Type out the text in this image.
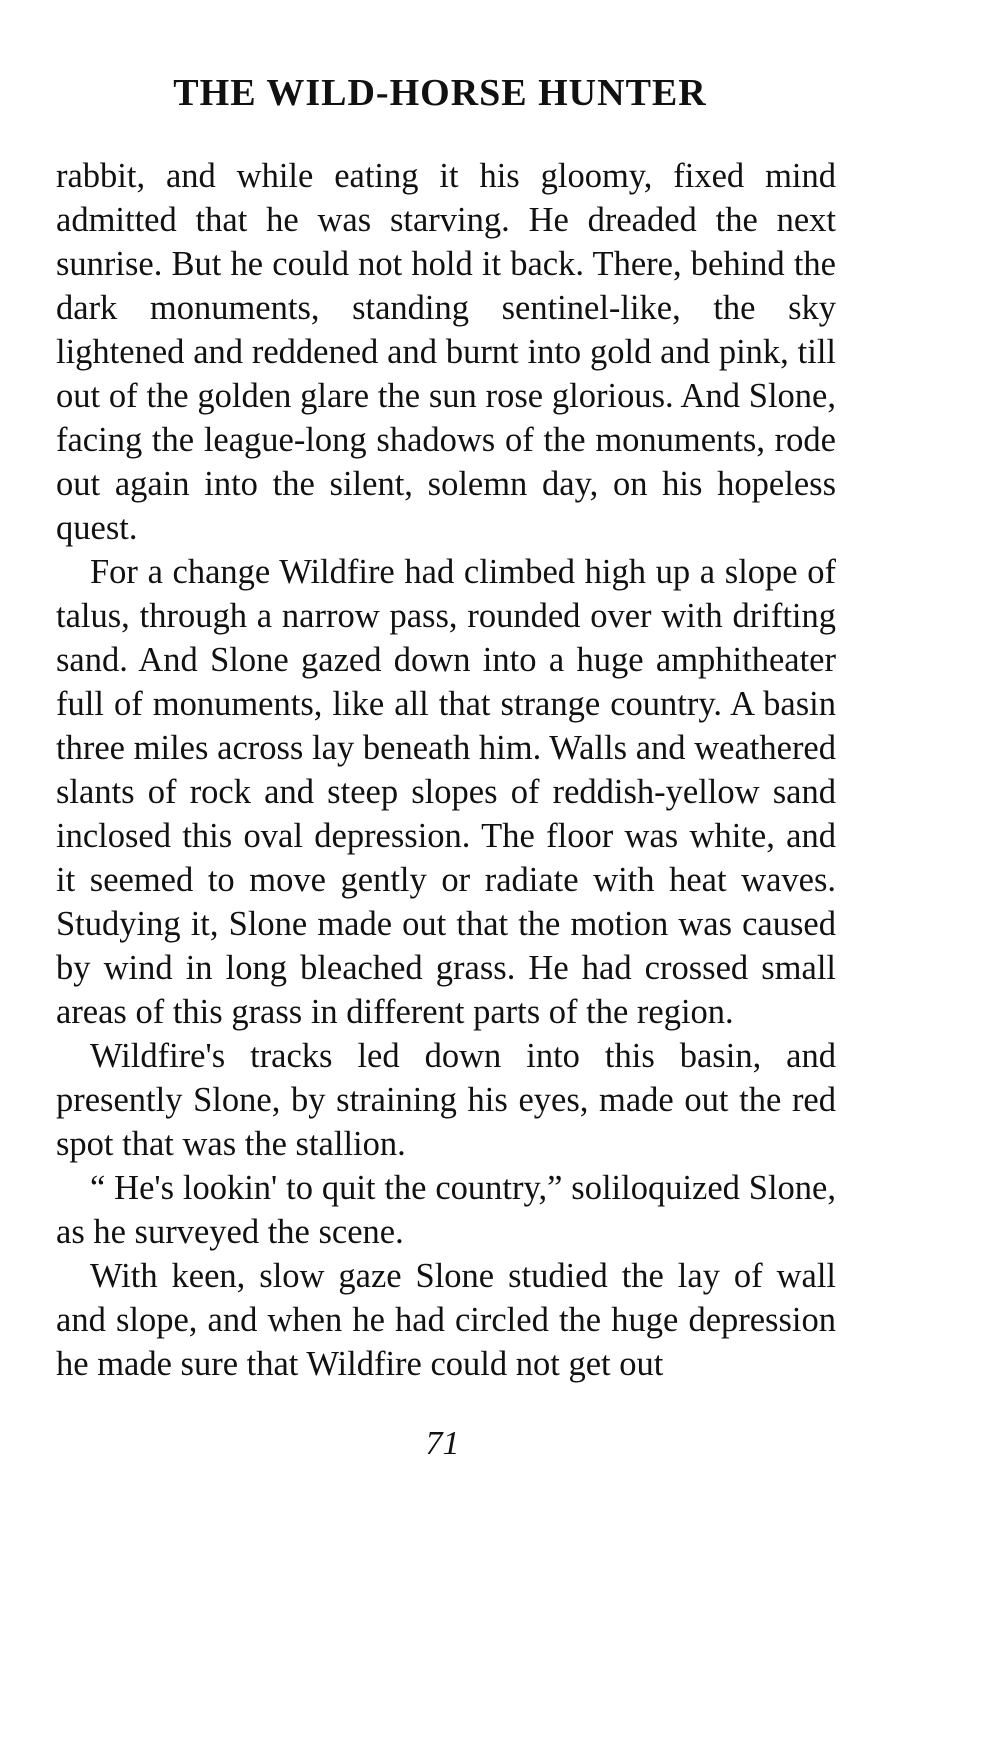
THE WILD-HORSE HUNTER

rabbit, and while eating it his gloomy, fixed mind admitted that he was starving. He dreaded the next sunrise. But he could not hold it back. There, behind the dark monuments, standing sentinel-like, the sky lightened and reddened and burnt into gold and pink, till out of the golden glare the sun rose glorious. And Slone, facing the league-long shadows of the monuments, rode out again into the silent, solemn day, on his hopeless quest.

For a change Wildfire had climbed high up a slope of talus, through a narrow pass, rounded over with drifting sand. And Slone gazed down into a huge amphitheater full of monuments, like all that strange country. A basin three miles across lay beneath him. Walls and weathered slants of rock and steep slopes of reddish-yellow sand inclosed this oval depression. The floor was white, and it seemed to move gently or radiate with heat waves. Studying it, Slone made out that the motion was caused by wind in long bleached grass. He had crossed small areas of this grass in different parts of the region.

Wildfire's tracks led down into this basin, and presently Slone, by straining his eyes, made out the red spot that was the stallion.

“ He's lookin' to quit the country,” soliloquized Slone, as he surveyed the scene.

With keen, slow gaze Slone studied the lay of wall and slope, and when he had circled the huge depression he made sure that Wildfire could not get out

71
